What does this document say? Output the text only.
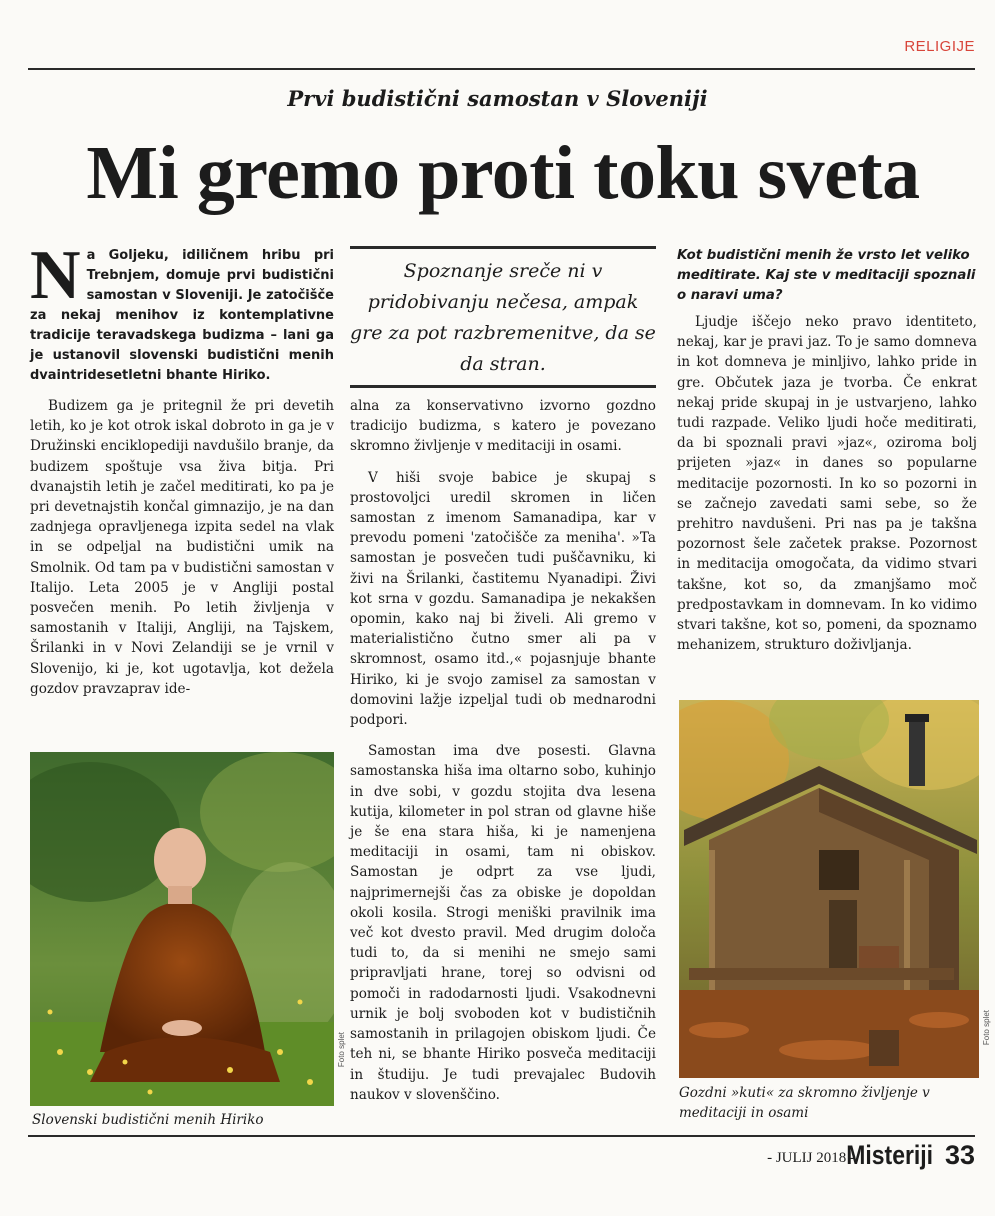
RELIGIJE
Prvi budistični samostan v Sloveniji
Mi gremo proti toku sveta
Na Goljeku, idiličnem hribu pri Trebnjem, domuje prvi budistični samostan v Sloveniji. Je zatočišče za nekaj menihov iz kontemplativne tradicije teravadskega budizma – lani ga je ustanovil slovenski budistični menih dvaintridesetletni bhante Hiriko.

Budizem ga je pritegnil že pri devetih letih, ko je kot otrok iskal dobroto in ga je v Družinski enciklopediji navdušilo branje, da budizem spoštuje vsa živa bitja. Pri dvanajstih letih je začel meditirati, ko pa je pri devetnajstih končal gimnazijo, je na dan zadnjega opravljenega izpita sedel na vlak in se odpeljal na budistični umik na Smolnik. Od tam pa v budistični samostan v Italijo. Leta 2005 je v Angliji postal posvečen menih. Po letih življenja v samostanih v Italiji, Angliji, na Tajskem, Šrilanki in v Novi Zelandiji se je vrnil v Slovenijo, ki je, kot ugotavlja, kot dežela gozdov pravzaprav ide-

Foto splet
Slovenski budistični menih Hiriko
Spoznanje sreče ni v pridobivanju nečesa, ampak gre za pot razbremenitve, da se da stran.

alna za konservativno izvorno gozdno tradicijo budizma, s katero je povezano skromno življenje v meditaciji in osami.

V hiši svoje babice je skupaj s prostovoljci uredil skromen in ličen samostan z imenom Samanadipa, kar v prevodu pomeni 'zatočišče za meniha'. »Ta samostan je posvečen tudi puščavniku, ki živi na Šrilanki, častitemu Nyanadipi. Živi kot srna v gozdu. Samanadipa je nekakšen opomin, kako naj bi živeli. Ali gremo v materialistično čutno smer ali pa v skromnost, osamo itd.,« pojasnjuje bhante Hiriko, ki je svojo zamisel za samostan v domovini lažje izpeljal tudi ob mednarodni podpori.

Samostan ima dve posesti. Glavna samostanska hiša ima oltarno sobo, kuhinjo in dve sobi, v gozdu stojita dva lesena kutija, kilometer in pol stran od glavne hiše je še ena stara hiša, ki je namenjena meditaciji in osami, tam ni obiskov. Samostan je odprt za vse ljudi, najprimernejši čas za obiske je dopoldan okoli kosila. Strogi meniški pravilnik ima več kot dvesto pravil. Med drugim določa tudi to, da si menihi ne smejo sami pripravljati hrane, torej so odvisni od pomoči in radodarnosti ljudi. Vsakodnevni urnik je bolj svoboden kot v budističnih samostanih in prilagojen obiskom ljudi. Če teh ni, se bhante Hiriko posveča meditaciji in študiju. Je tudi prevajalec Budovih naukov v slovenščino.

Kot budistični menih že vrsto let veliko meditirate. Kaj ste v meditaciji spoznali o naravi uma?

Ljudje iščejo neko pravo identiteto, nekaj, kar je pravi jaz. To je samo domneva in kot domneva je minljivo, lahko pride in gre. Občutek jaza je tvorba. Če enkrat nekaj pride skupaj in je ustvarjeno, lahko tudi razpade. Veliko ljudi hoče meditirati, da bi spoznali pravi »jaz«, oziroma bolj prijeten »jaz« in danes so popularne meditacije pozornosti. In ko so pozorni in se začnejo zavedati sami sebe, so že prehitro navdušeni. Pri nas pa je takšna pozornost šele začetek prakse. Pozornost in meditacija omogočata, da vidimo stvari takšne, kot so, da zmanjšamo moč predpostavkam in domnevam. In ko vidimo stvari takšne, kot so, pomeni, da spoznamo mehanizem, strukturo doživljanja.

Foto splet
Gozdni »kuti« za skromno življenje v meditaciji in osami
- JULIJ 2018 -
Misteriji 33
